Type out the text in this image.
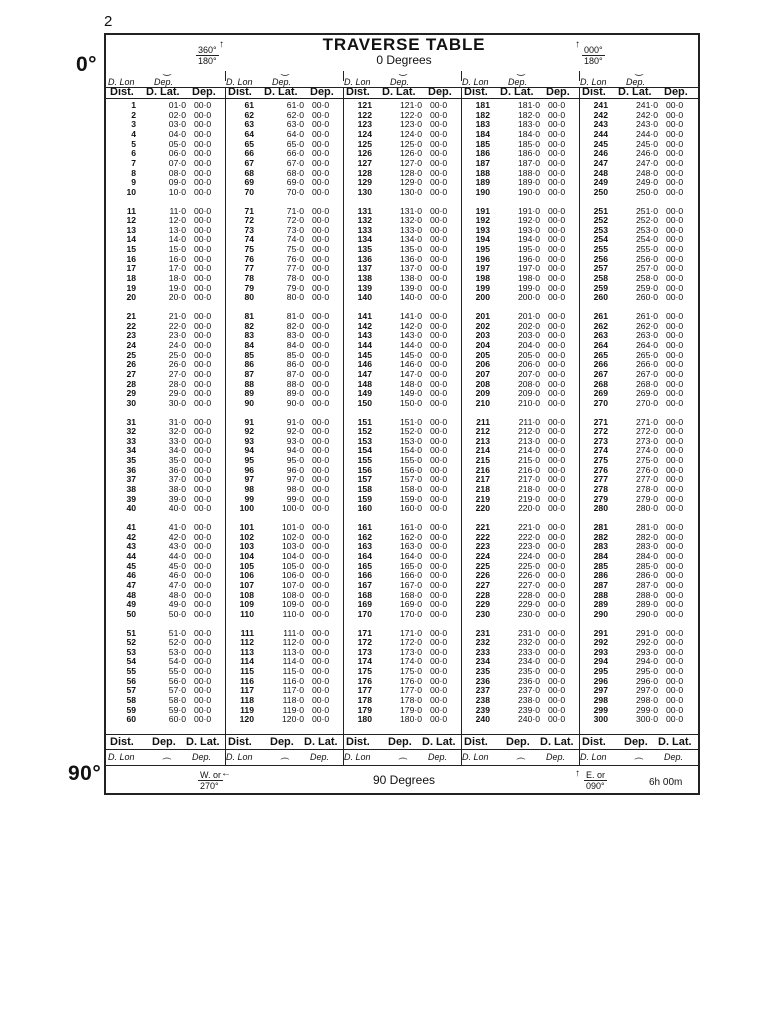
2
0°
90°
TRAVERSE TABLE
0 Degrees
360°
180°
↑	000°
180°
↑
⏝
D. Lon Dep.
⏝
D. Lon Dep.
⏝
D. Lon Dep.
⏝
D. Lon Dep.
⏝
D. Lon Dep.
Dist. D. Lat. Dep. Dist. D. Lat. Dep. Dist. D. Lat. Dep. Dist. D. Lat. Dep. Dist. D. Lat. Dep.
1	01·0 00·0
2	02·0 00·0
3	03·0 00·0
4	04·0 00·0
5	05·0 00·0
6	06·0 00·0
7	07·0 00·0
8	08·0 00·0
9	09·0 00·0
10	10·0 00·0
11	11·0 00·0
12	12·0 00·0
13	13·0 00·0
14	14·0 00·0
15	15·0 00·0
16	16·0 00·0
17	17·0 00·0
18	18·0 00·0
19	19·0 00·0
20	20·0 00·0
21	21·0 00·0
22	22·0 00·0
23	23·0 00·0
24	24·0 00·0
25	25·0 00·0
26	26·0 00·0
27	27·0 00·0
28	28·0 00·0
29	29·0 00·0
30	30·0 00·0
31	31·0 00·0
32	32·0 00·0
33	33·0 00·0
34	34·0 00·0
35	35·0 00·0
36	36·0 00·0
37	37·0 00·0
38	38·0 00·0
39	39·0 00·0
40	40·0 00·0
41	41·0 00·0
42	42·0 00·0
43	43·0 00·0
44	44·0 00·0
45	45·0 00·0
46	46·0 00·0
47	47·0 00·0
48	48·0 00·0
49	49·0 00·0
50	50·0 00·0
51	51·0 00·0
52	52·0 00·0
53	53·0 00·0
54	54·0 00·0
55	55·0 00·0
56	56·0 00·0
57	57·0 00·0
58	58·0 00·0
59	59·0 00·0
60	60·0 00·0
61	61·0 00·0
62	62·0 00·0
63	63·0 00·0
64	64·0 00·0
65	65·0 00·0
66	66·0 00·0
67	67·0 00·0
68	68·0 00·0
69	69·0 00·0
70	70·0 00·0
71	71·0 00·0
72	72·0 00·0
73	73·0 00·0
74	74·0 00·0
75	75·0 00·0
76	76·0 00·0
77	77·0 00·0
78	78·0 00·0
79	79·0 00·0
80	80·0 00·0
81	81·0 00·0
82	82·0 00·0
83	83·0 00·0
84	84·0 00·0
85	85·0 00·0
86	86·0 00·0
87	87·0 00·0
88	88·0 00·0
89	89·0 00·0
90	90·0 00·0
91	91·0 00·0
92	92·0 00·0
93	93·0 00·0
94	94·0 00·0
95	95·0 00·0
96	96·0 00·0
97	97·0 00·0
98	98·0 00·0
99	99·0 00·0
100	100·0 00·0
101	101·0 00·0
102	102·0 00·0
103	103·0 00·0
104	104·0 00·0
105	105·0 00·0
106	106·0 00·0
107	107·0 00·0
108	108·0 00·0
109	109·0 00·0
110	110·0 00·0
111	111·0 00·0
112	112·0 00·0
113	113·0 00·0
114	114·0 00·0
115	115·0 00·0
116	116·0 00·0
117	117·0 00·0
118	118·0 00·0
119	119·0 00·0
120	120·0 00·0
121	121·0 00·0
122	122·0 00·0
123	123·0 00·0
124	124·0 00·0
125	125·0 00·0
126	126·0 00·0
127	127·0 00·0
128	128·0 00·0
129	129·0 00·0
130	130·0 00·0
131	131·0 00·0
132	132·0 00·0
133	133·0 00·0
134	134·0 00·0
135	135·0 00·0
136	136·0 00·0
137	137·0 00·0
138	138·0 00·0
139	139·0 00·0
140	140·0 00·0
141	141·0 00·0
142	142·0 00·0
143	143·0 00·0
144	144·0 00·0
145	145·0 00·0
146	146·0 00·0
147	147·0 00·0
148	148·0 00·0
149	149·0 00·0
150	150·0 00·0
151	151·0 00·0
152	152·0 00·0
153	153·0 00·0
154	154·0 00·0
155	155·0 00·0
156	156·0 00·0
157	157·0 00·0
158	158·0 00·0
159	159·0 00·0
160	160·0 00·0
161	161·0 00·0
162	162·0 00·0
163	163·0 00·0
164	164·0 00·0
165	165·0 00·0
166	166·0 00·0
167	167·0 00·0
168	168·0 00·0
169	169·0 00·0
170	170·0 00·0
171	171·0 00·0
172	172·0 00·0
173	173·0 00·0
174	174·0 00·0
175	175·0 00·0
176	176·0 00·0
177	177·0 00·0
178	178·0 00·0
179	179·0 00·0
180	180·0 00·0
181	181·0 00·0
182	182·0 00·0
183	183·0 00·0
184	184·0 00·0
185	185·0 00·0
186	186·0 00·0
187	187·0 00·0
188	188·0 00·0
189	189·0 00·0
190	190·0 00·0
191	191·0 00·0
192	192·0 00·0
193	193·0 00·0
194	194·0 00·0
195	195·0 00·0
196	196·0 00·0
197	197·0 00·0
198	198·0 00·0
199	199·0 00·0
200	200·0 00·0
201	201·0 00·0
202	202·0 00·0
203	203·0 00·0
204	204·0 00·0
205	205·0 00·0
206	206·0 00·0
207	207·0 00·0
208	208·0 00·0
209	209·0 00·0
210	210·0 00·0
211	211·0 00·0
212	212·0 00·0
213	213·0 00·0
214	214·0 00·0
215	215·0 00·0
216	216·0 00·0
217	217·0 00·0
218	218·0 00·0
219	219·0 00·0
220	220·0 00·0
221	221·0 00·0
222	222·0 00·0
223	223·0 00·0
224	224·0 00·0
225	225·0 00·0
226	226·0 00·0
227	227·0 00·0
228	228·0 00·0
229	229·0 00·0
230	230·0 00·0
231	231·0 00·0
232	232·0 00·0
233	233·0 00·0
234	234·0 00·0
235	235·0 00·0
236	236·0 00·0
237	237·0 00·0
238	238·0 00·0
239	239·0 00·0
240	240·0 00·0
241	241·0 00·0
242	242·0 00·0
243	243·0 00·0
244	244·0 00·0
245	245·0 00·0
246	246·0 00·0
247	247·0 00·0
248	248·0 00·0
249	249·0 00·0
250	250·0 00·0
251	251·0 00·0
252	252·0 00·0
253	253·0 00·0
254	254·0 00·0
255	255·0 00·0
256	256·0 00·0
257	257·0 00·0
258	258·0 00·0
259	259·0 00·0
260	260·0 00·0
261	261·0 00·0
262	262·0 00·0
263	263·0 00·0
264	264·0 00·0
265	265·0 00·0
266	266·0 00·0
267	267·0 00·0
268	268·0 00·0
269	269·0 00·0
270	270·0 00·0
271	271·0 00·0
272	272·0 00·0
273	273·0 00·0
274	274·0 00·0
275	275·0 00·0
276	276·0 00·0
277	277·0 00·0
278	278·0 00·0
279	279·0 00·0
280	280·0 00·0
281	281·0 00·0
282	282·0 00·0
283	283·0 00·0
284	284·0 00·0
285	285·0 00·0
286	286·0 00·0
287	287·0 00·0
288	288·0 00·0
289	289·0 00·0
290	290·0 00·0
291	291·0 00·0
292	292·0 00·0
293	293·0 00·0
294	294·0 00·0
295	295·0 00·0
296	296·0 00·0
297	297·0 00·0
298	298·0 00·0
299	299·0 00·0
300	300·0 00·0
Dist. Dep. D. Lat. Dist. Dep. D. Lat. Dist. Dep. D. Lat. Dist. Dep. D. Lat. Dist. Dep. D. Lat.
D. Lon	Dep.
⏜
D. Lon	Dep.
⏜
D. Lon	Dep.
⏜
D. Lon	Dep.
⏜
D. Lon	Dep.
⏜
W. or
270°
←	90 Degrees	E. or
090°
↑
6h 00m
